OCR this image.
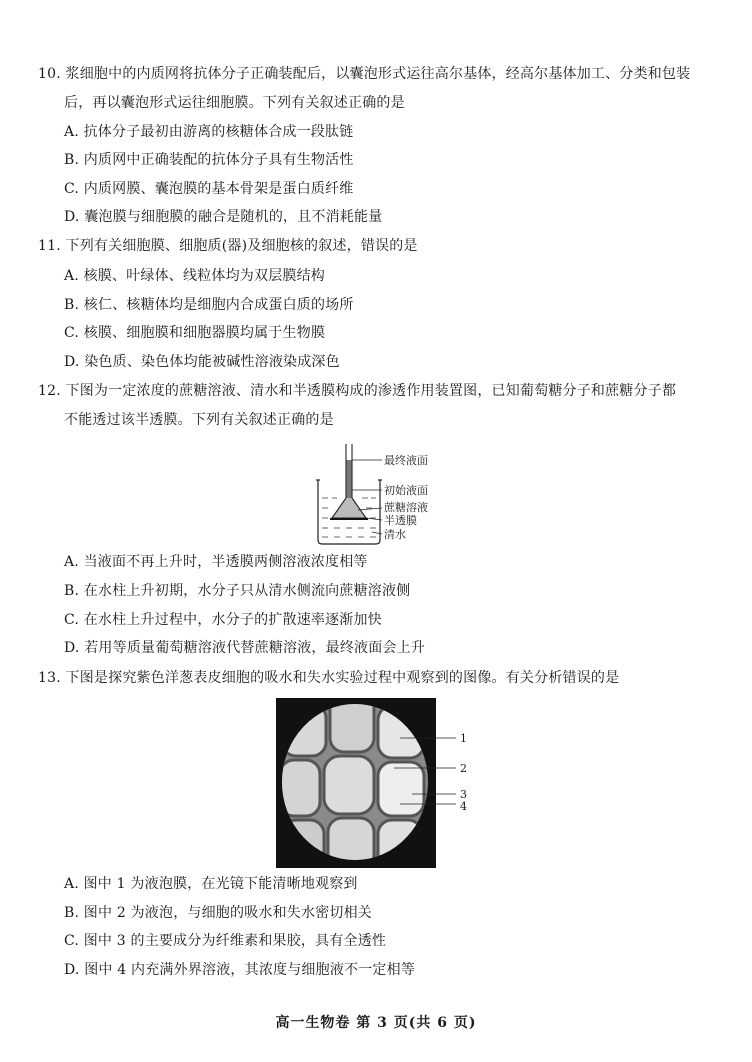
10. 浆细胞中的内质网将抗体分子正确装配后，以囊泡形式运往高尔基体，经高尔基体加工、分类和包装
后，再以囊泡形式运往细胞膜。下列有关叙述正确的是
A. 抗体分子最初由游离的核糖体合成一段肽链
B. 内质网中正确装配的抗体分子具有生物活性
C. 内质网膜、囊泡膜的基本骨架是蛋白质纤维
D. 囊泡膜与细胞膜的融合是随机的，且不消耗能量
11. 下列有关细胞膜、细胞质(器)及细胞核的叙述，错误的是
A. 核膜、叶绿体、线粒体均为双层膜结构
B. 核仁、核糖体均是细胞内合成蛋白质的场所
C. 核膜、细胞膜和细胞器膜均属于生物膜
D. 染色质、染色体均能被碱性溶液染成深色
12. 下图为一定浓度的蔗糖溶液、清水和半透膜构成的渗透作用装置图，已知葡萄糖分子和蔗糖分子都
不能透过该半透膜。下列有关叙述正确的是
最终液面
初始液面
蔗糖溶液
半透膜
清水
A. 当液面不再上升时，半透膜两侧溶液浓度相等
B. 在水柱上升初期，水分子只从清水侧流向蔗糖溶液侧
C. 在水柱上升过程中，水分子的扩散速率逐渐加快
D. 若用等质量葡萄糖溶液代替蔗糖溶液，最终液面会上升
13. 下图是探究紫色洋葱表皮细胞的吸水和失水实验过程中观察到的图像。有关分析错误的是
1
2
3
4
A. 图中 1 为液泡膜，在光镜下能清晰地观察到
B. 图中 2 为液泡，与细胞的吸水和失水密切相关
C. 图中 3 的主要成分为纤维素和果胶，具有全透性
D. 图中 4 内充满外界溶液，其浓度与细胞液不一定相等
高一生物卷 第 3 页(共 6 页)
